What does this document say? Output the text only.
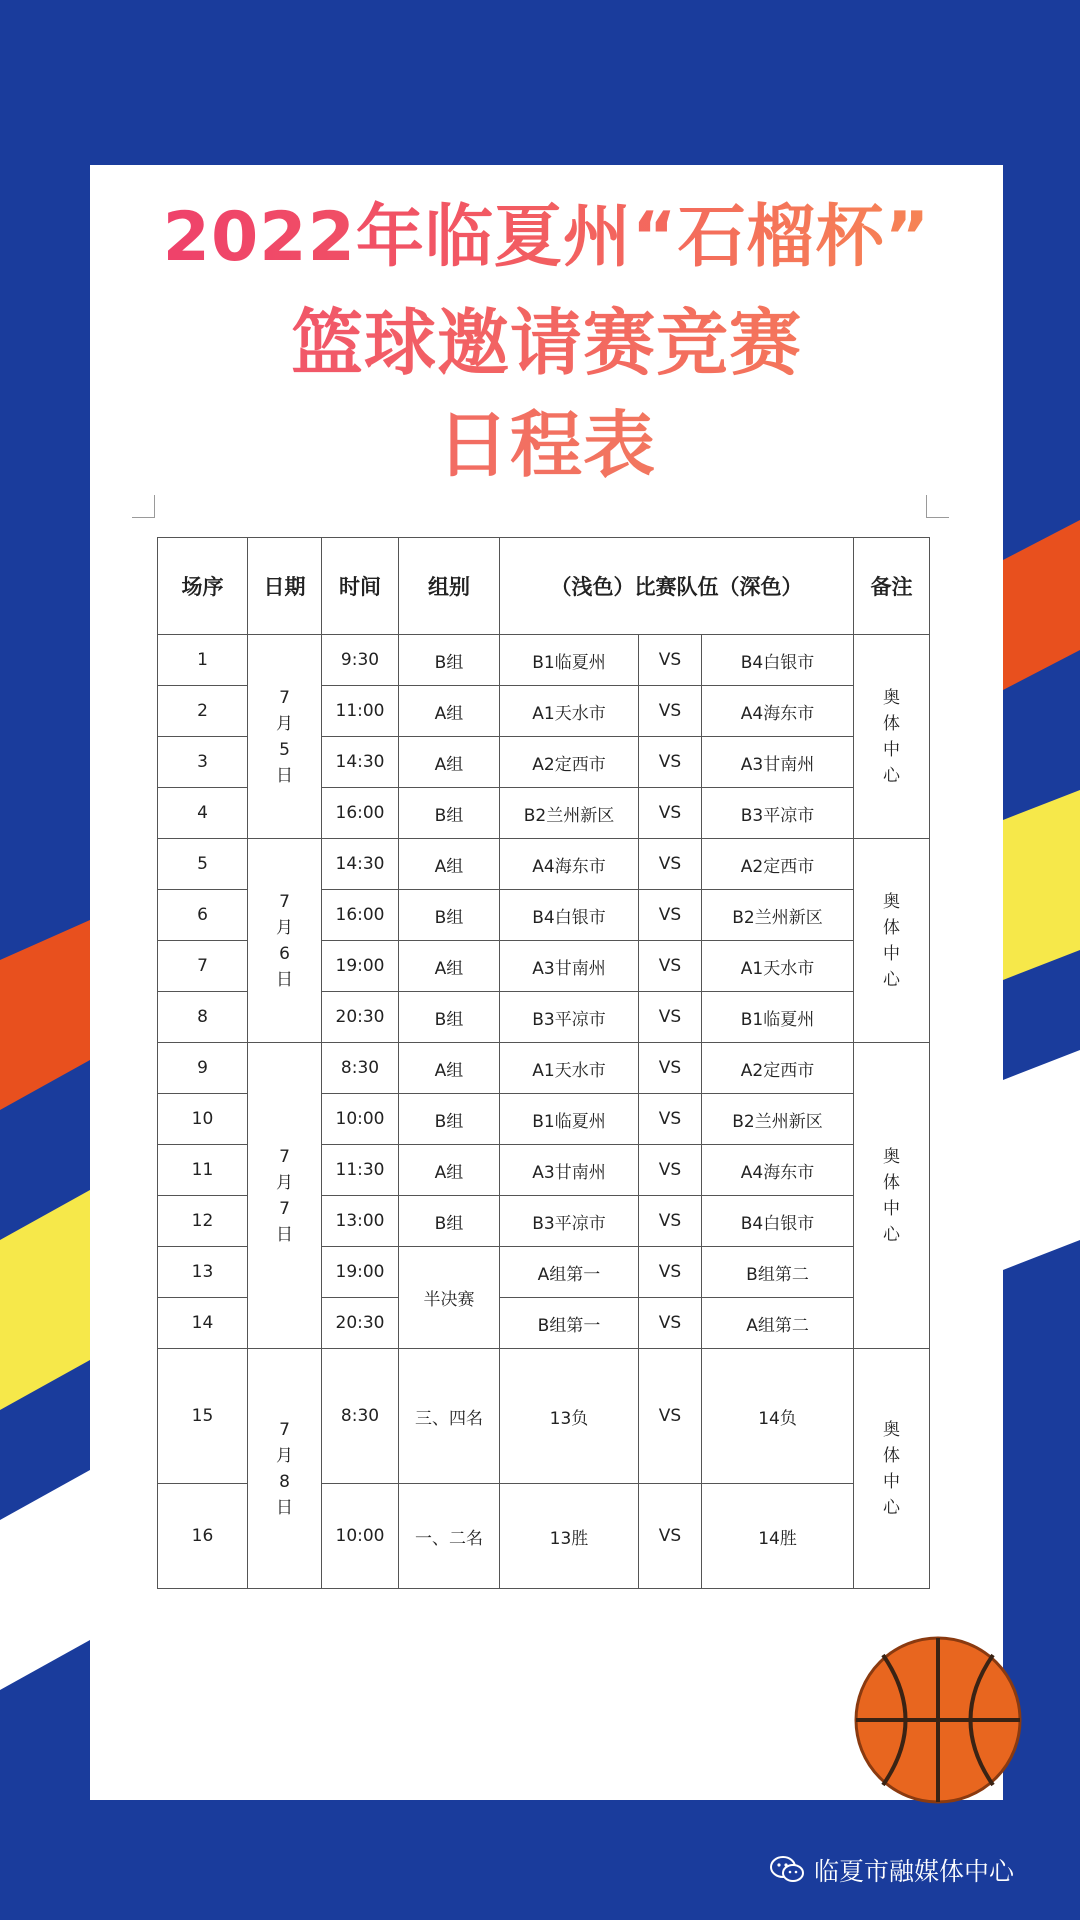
2022年临夏州“石榴杯”
篮球邀请赛竞赛
日程表
场序	日期	时间	组别	（浅色）比赛队伍（深色）			备注
1	7月5日	9:30	B组	B1临夏州	VS	B4白银市	奥体中心
2		11:00	A组	A1天水市	VS	A4海东市	
3		14:30	A组	A2定西市	VS	A3甘南州	
4		16:00	B组	B2兰州新区	VS	B3平凉市	
5	7月6日	14:30	A组	A4海东市	VS	A2定西市	奥体中心
6		16:00	B组	B4白银市	VS	B2兰州新区	
7		19:00	A组	A3甘南州	VS	A1天水市	
8		20:30	B组	B3平凉市	VS	B1临夏州	
9	7月7日	8:30	A组	A1天水市	VS	A2定西市	奥体中心
10		10:00	B组	B1临夏州	VS	B2兰州新区	
11		11:30	A组	A3甘南州	VS	A4海东市	
12		13:00	B组	B3平凉市	VS	B4白银市	
13		19:00	半决赛	A组第一	VS	B组第二	
14		20:30		B组第一	VS	A组第二	
15	7月8日	8:30	三、四名	13负	VS	14负	奥体中心
16		10:00	一、二名	13胜	VS	14胜	
临夏市融媒体中心
